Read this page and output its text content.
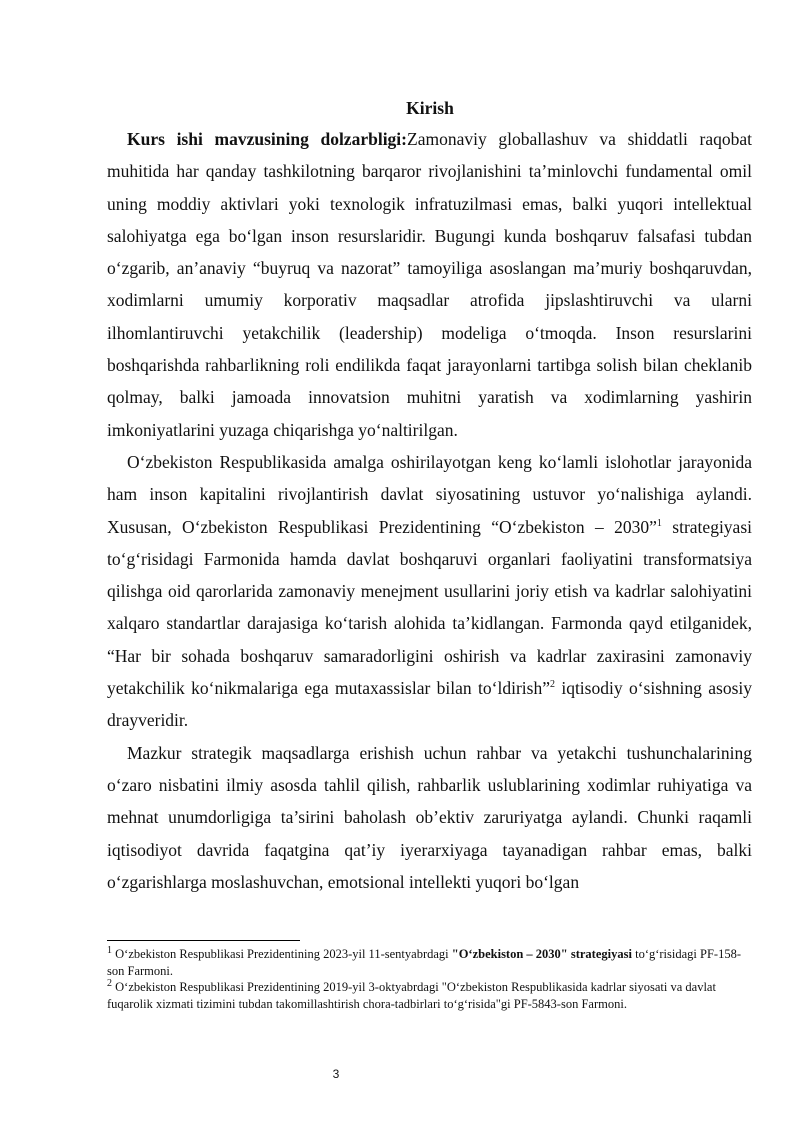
Kirish

Kurs ishi mavzusining dolzarbligi:Zamonaviy globallashuv va shiddatli raqobat muhitida har qanday tashkilotning barqaror rivojlanishini ta’minlovchi fundamental omil uning moddiy aktivlari yoki texnologik infratuzilmasi emas, balki yuqori intellektual salohiyatga ega bo‘lgan inson resurslaridir. Bugungi kunda boshqaruv falsafasi tubdan o‘zgarib, an’anaviy “buyruq va nazorat” tamoyiliga asoslangan ma’muriy boshqaruvdan, xodimlarni umumiy korporativ maqsadlar atrofida jipslashtiruvchi va ularni ilhomlantiruvchi yetakchilik (leadership) modeliga o‘tmoqda. Inson resurslarini boshqarishda rahbarlikning roli endilikda faqat jarayonlarni tartibga solish bilan cheklanib qolmay, balki jamoada innovatsion muhitni yaratish va xodimlarning yashirin imkoniyatlarini yuzaga chiqarishga yo‘naltirilgan.

O‘zbekiston Respublikasida amalga oshirilayotgan keng ko‘lamli islohotlar jarayonida ham inson kapitalini rivojlantirish davlat siyosatining ustuvor yo‘nalishiga aylandi. Xususan, O‘zbekiston Respublikasi Prezidentining “O‘zbekiston – 2030”$^1$ strategiyasi to‘g‘risidagi Farmonida hamda davlat boshqaruvi organlari faoliyatini transformatsiya qilishga oid qarorlarida zamonaviy menejment usullarini joriy etish va kadrlar salohiyatini xalqaro standartlar darajasiga ko‘tarish alohida ta’kidlangan. Farmonda qayd etilganidek, “Har bir sohada boshqaruv samaradorligini oshirish va kadrlar zaxirasini zamonaviy yetakchilik ko‘nikmalariga ega mutaxassislar bilan to‘ldirish”$^2$ iqtisodiy o‘sishning asosiy drayveridir.

Mazkur strategik maqsadlarga erishish uchun rahbar va yetakchi tushunchalarining o‘zaro nisbatini ilmiy asosda tahlil qilish, rahbarlik uslublarining xodimlar ruhiyatiga va mehnat unumdorligiga ta’sirini baholash ob’ektiv zaruriyatga aylandi. Chunki raqamli iqtisodiyot davrida faqatgina qat’iy iyerarxiyaga tayanadigan rahbar emas, balki o‘zgarishlarga moslashuvchan, emotsional intellekti yuqori bo‘lgan

$^1$ O‘zbekiston Respublikasi Prezidentining 2023-yil 11-sentyabrdagi "O‘zbekiston – 2030" strategiyasi to‘g‘risidagi PF-158-son Farmoni.

$^2$ O‘zbekiston Respublikasi Prezidentining 2019-yil 3-oktyabrdagi "O‘zbekiston Respublikasida kadrlar siyosati va davlat fuqarolik xizmati tizimini tubdan takomillashtirish chora-tadbirlari to‘g‘risida"gi PF-5843-son Farmoni.

3
